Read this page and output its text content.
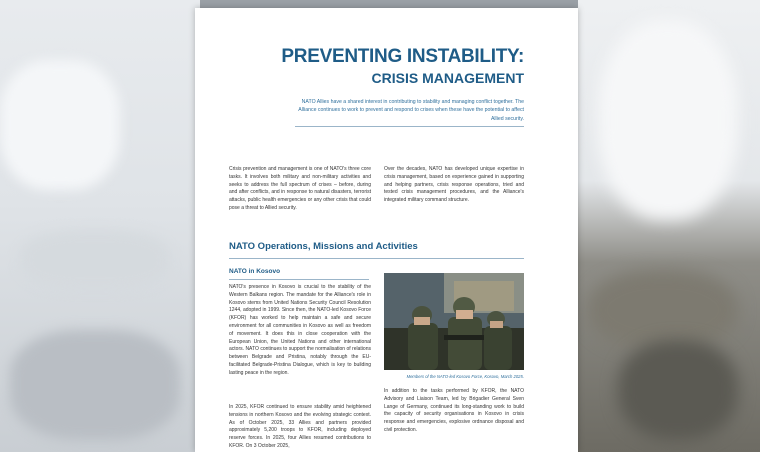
PREVENTING INSTABILITY:
CRISIS MANAGEMENT
NATO Allies have a shared interest in contributing to stability and managing conflict together. The Alliance continues to work to prevent and respond to crises when these have the potential to affect Allied security.
Crisis prevention and management is one of NATO's three core tasks. It involves both military and non-military activities and seeks to address the full spectrum of crises – before, during and after conflicts, and in response to natural disasters, terrorist attacks, public health emergencies or any other crisis that could pose a threat to Allied security.
Over the decades, NATO has developed unique expertise in crisis management, based on experience gained in supporting and helping partners, crisis response operations, tried and tested crisis management procedures, and the Alliance's integrated military command structure.
NATO Operations, Missions and Activities
NATO in Kosovo
NATO's presence in Kosovo is crucial to the stability of the Western Balkans region. The mandate for the Alliance's role in Kosovo stems from United Nations Security Council Resolution 1244, adopted in 1999. Since then, the NATO-led Kosovo Force (KFOR) has worked to help maintain a safe and secure environment for all communities in Kosovo as well as freedom of movement. It does this in close cooperation with the European Union, the United Nations and other international actors. NATO continues to support the normalisation of relations between Belgrade and Pristina, notably through the EU-facilitated Belgrade-Pristina Dialogue, which is key to building lasting peace in the region.
In 2025, KFOR continued to ensure stability amid heightened tensions in northern Kosovo and the evolving strategic context. As of October 2025, 33 Allies and partners provided approximately 5,200 troops to KFOR, including deployed reserve forces. In 2025, four Allies resumed contributions to KFOR. On 3 October 2025,
Members of the NATO-led Kosovo Force, Kosovo, March 2025.
In addition to the tasks performed by KFOR, the NATO Advisory and Liaison Team, led by Brigadier General Sven Lange of Germany, continued its long-standing work to build the capacity of security organisations in Kosovo in crisis response and emergencies, explosive ordnance disposal and civil protection.
